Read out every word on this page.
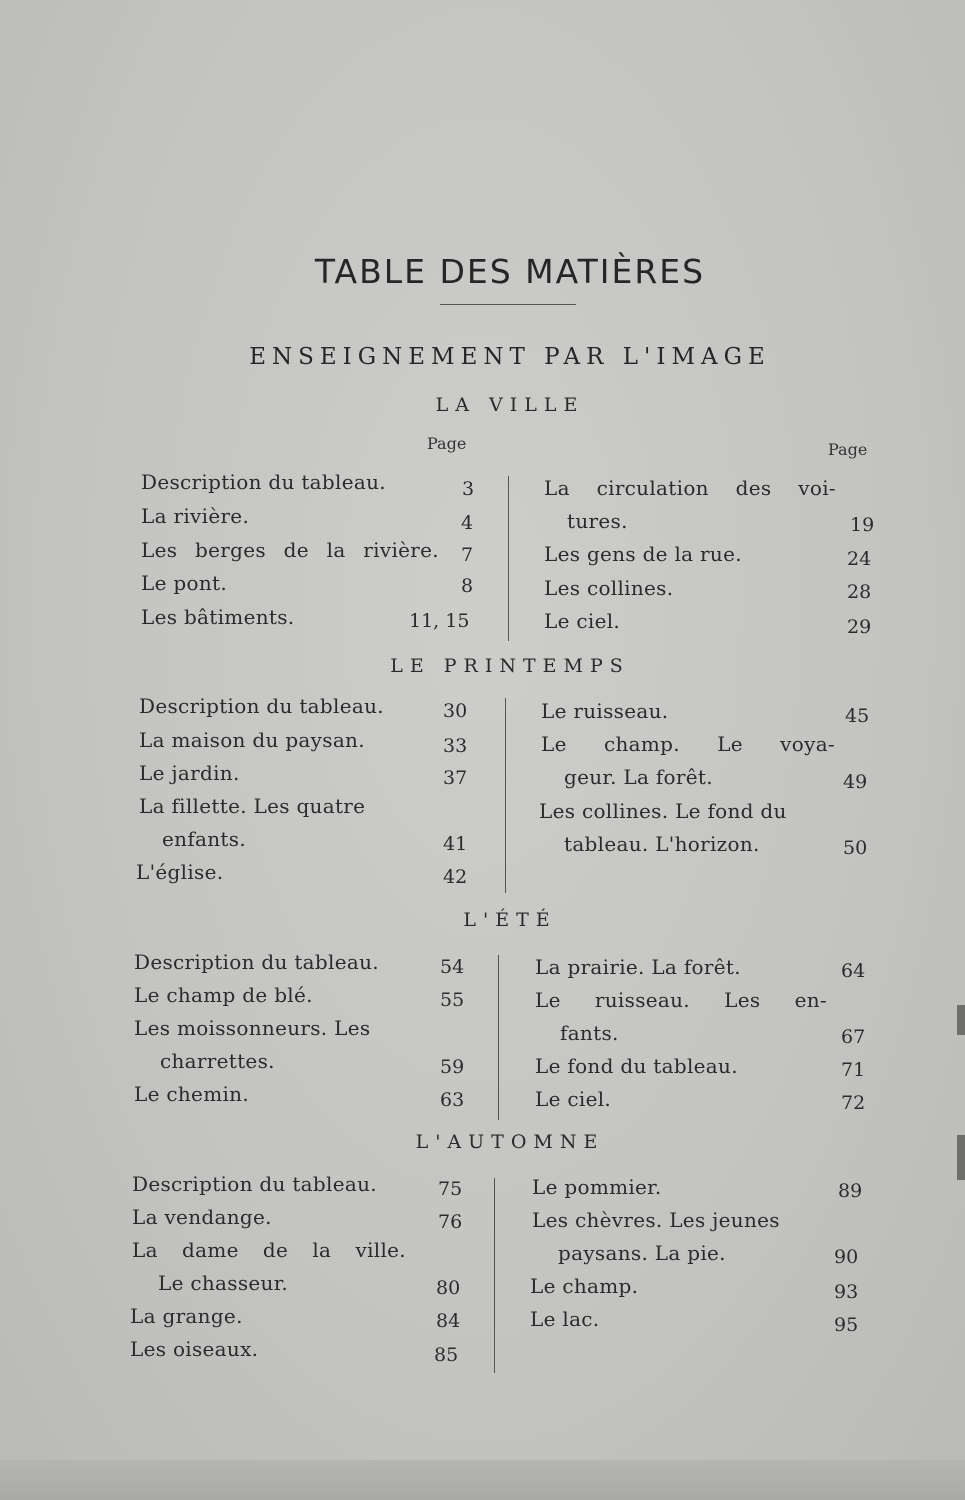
TABLE DES MATIÈRES
ENSEIGNEMENT PAR L'IMAGE
LA VILLE
Page	Page
Description du tableau.	3
La rivière.	4
Les berges de la rivière. 7
Le pont.	8
Les bâtiments.	11, 15
La circulation des voi-
tures.	19
Les gens de la rue.	24
Les collines.	28
Le ciel.	29
LE PRINTEMPS
Description du tableau.	30
La maison du paysan.	33
Le jardin.	37
La fillette. Les quatre
enfants.	41
L'église.	42
Le ruisseau.	45
Le champ. Le voya-
geur. La forêt.	49
Les collines. Le fond du
tableau. L'horizon.	50
L'ÉTÉ
Description du tableau.	54
Le champ de blé.	55
Les moissonneurs. Les
charrettes.	59
Le chemin.	63
La prairie. La forêt.	64
Le ruisseau. Les en-
fants.	67
Le fond du tableau.	71
Le ciel.	72
L'AUTOMNE
Description du tableau.	75
La vendange.	76
La dame de la ville.
Le chasseur.	80
La grange.	84
Les oiseaux.	85
Le pommier.	89
Les chèvres. Les jeunes
paysans. La pie.	90
Le champ.	93
Le lac.	95
